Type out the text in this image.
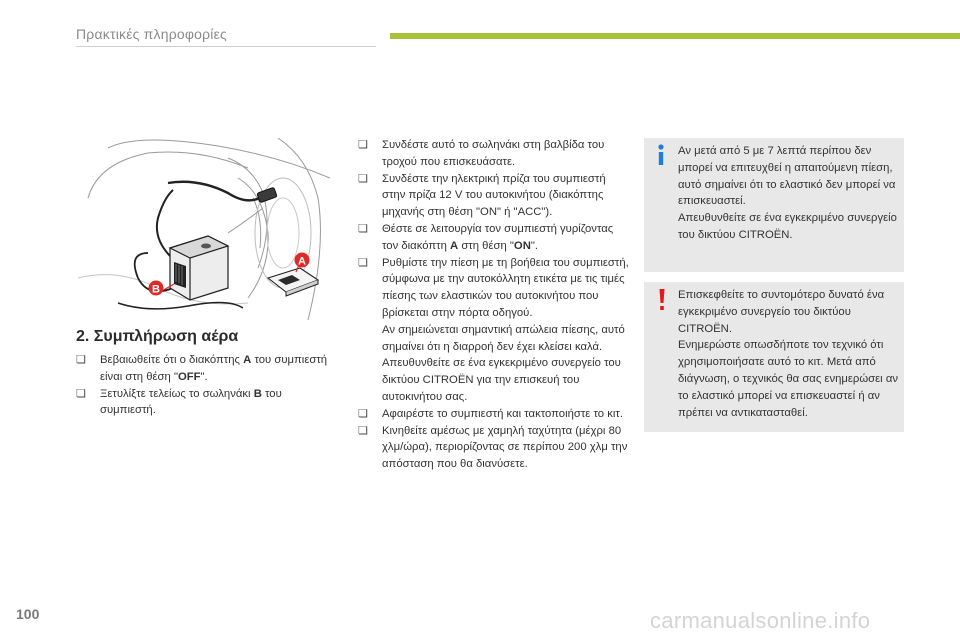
Πρακτικές πληροφορίες
A
B
2. Συμπλήρωση αέρα
❏ Βεβαιωθείτε ότι ο διακόπτης A του συμπιεστή είναι στη θέση "OFF".
❏ Ξετυλίξτε τελείως το σωληνάκι B του συμπιεστή.
❏ Συνδέστε αυτό το σωληνάκι στη βαλβίδα του τροχού που επισκευάσατε.
❏ Συνδέστε την ηλεκτρική πρίζα του συμπιεστή στην πρίζα 12 V του αυτοκινήτου (διακόπτης μηχανής στη θέση "ON" ή "ACC").
❏ Θέστε σε λειτουργία τον συμπιεστή γυρίζοντας τον διακόπτη A στη θέση "ON".
❏ Ρυθμίστε την πίεση με τη βοήθεια του συμπιεστή, σύμφωνα με την αυτοκόλλητη ετικέτα με τις τιμές πίεσης των ελαστικών του αυτοκινήτου που βρίσκεται στην πόρτα οδηγού.
Αν σημειώνεται σημαντική απώλεια πίεσης, αυτό σημαίνει ότι η διαρροή δεν έχει κλείσει καλά. Απευθυνθείτε σε ένα εγκεκριμένο συνεργείο του δικτύου CITROËN για την επισκευή του αυτοκινήτου σας.
❏ Αφαιρέστε το συμπιεστή και τακτοποιήστε το κιτ.
❏ Κινηθείτε αμέσως με χαμηλή ταχύτητα (μέχρι 80 χλμ/ώρα), περιορίζοντας σε περίπου 200 χλμ την απόσταση που θα διανύσετε.
Αν μετά από 5 με 7 λεπτά περίπου δεν μπορεί να επιτευχθεί η απαιτούμενη πίεση, αυτό σημαίνει ότι το ελαστικό δεν μπορεί να επισκευαστεί.
Απευθυνθείτε σε ένα εγκεκριμένο συνεργείο του δικτύου CITROËN.
Επισκεφθείτε το συντομότερο δυνατό ένα εγκεκριμένο συνεργείο του δικτύου CITROËN.
Ενημερώστε οπωσδήποτε τον τεχνικό ότι χρησιμοποιήσατε αυτό το κιτ. Μετά από διάγνωση, ο τεχνικός θα σας ενημερώσει αν το ελαστικό μπορεί να επισκευαστεί ή αν πρέπει να αντικατασταθεί.
100	carmanualsonline.info
